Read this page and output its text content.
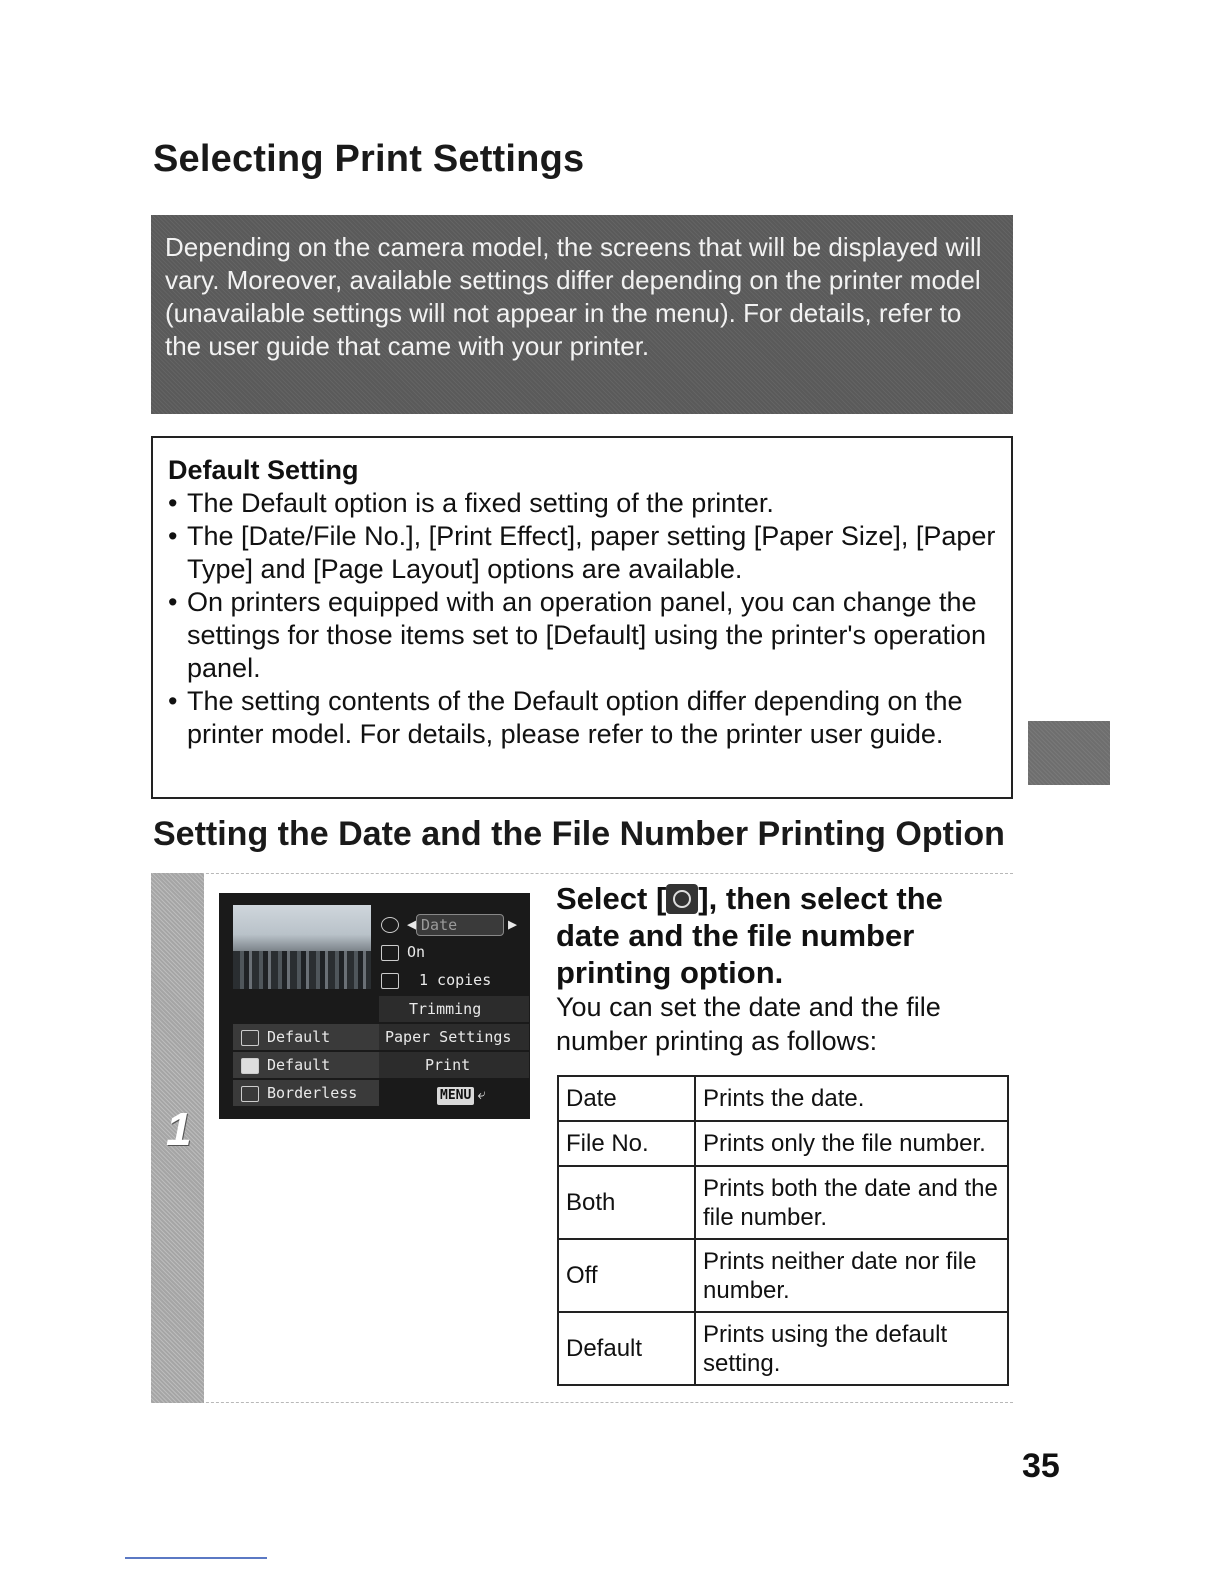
Selecting Print Settings
Depending on the camera model, the screens that will be displayed will vary. Moreover, available settings differ depending on the printer model (unavailable settings will not appear in the menu). For details, refer to the user guide that came with your printer.
Default Setting
• The Default option is a fixed setting of the printer.
• The [Date/File No.], [Print Effect], paper setting [Paper Size], [Paper Type] and [Page Layout] options are available.
• On printers equipped with an operation panel, you can change the settings for those items set to [Default] using the printer's operation panel.
• The setting contents of the Default option differ depending on the printer model. For details, please refer to the printer user guide.
Setting the Date and the File Number Printing Option
1
◀ Date	▶
On
1 copies
Trimming
Default	Paper Settings
Default	Print
Borderless	MENU ⤶

Select [ ], then select the date and the file number printing option.

You can set the date and the file number printing as follows:

Date	Prints the date.
File No.	Prints only the file number.
Both	Prints both the date and the file number.
Off	Prints neither date nor file number.
Default	Prints using the default setting.
35
